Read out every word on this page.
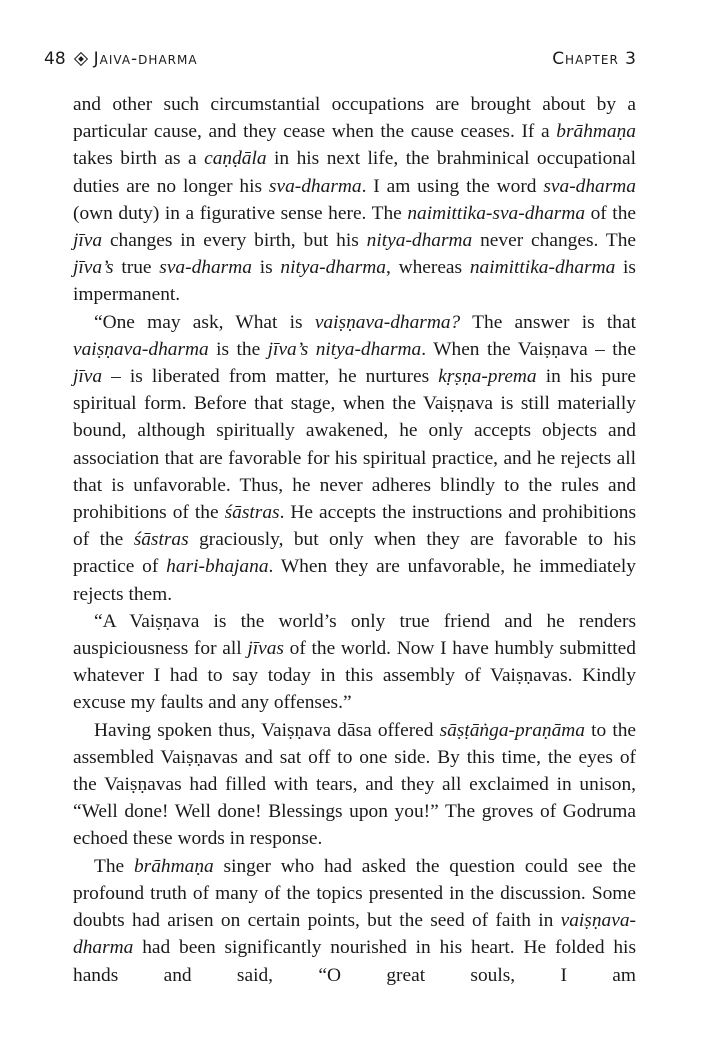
48 Jaiva-dharma	Chapter 3

and other such circumstantial occupations are brought about by a particular cause, and they cease when the cause ceases. If a brāhmaṇa takes birth as a caṇḍāla in his next life, the brahminical occupational duties are no longer his sva-dharma. I am using the word sva-dharma (own duty) in a figurative sense here. The naimittika-sva-dharma of the jīva changes in every birth, but his nitya-dharma never changes. The jīva’s true sva-dharma is nitya-dharma, whereas naimittika-dharma is impermanent.

“One may ask, What is vaiṣṇava-dharma? The answer is that vaiṣṇava-dharma is the jīva’s nitya-dharma. When the Vaiṣṇava – the jīva – is liberated from matter, he nurtures kṛṣṇa-prema in his pure spiritual form. Before that stage, when the Vaiṣṇava is still materially bound, although spiritually awakened, he only accepts objects and association that are favorable for his spiritual practice, and he rejects all that is unfavorable. Thus, he never adheres blindly to the rules and prohibitions of the śāstras. He accepts the instructions and prohibitions of the śāstras graciously, but only when they are favorable to his practice of hari-bhajana. When they are unfavorable, he immediately rejects them.

“A Vaiṣṇava is the world’s only true friend and he renders auspiciousness for all jīvas of the world. Now I have humbly submitted whatever I had to say today in this assembly of Vaiṣṇavas. Kindly excuse my faults and any offenses.”

Having spoken thus, Vaiṣṇava dāsa offered sāṣṭāṅga-praṇāma to the assembled Vaiṣṇavas and sat off to one side. By this time, the eyes of the Vaiṣṇavas had filled with tears, and they all exclaimed in unison, “Well done! Well done! Blessings upon you!” The groves of Godruma echoed these words in response.

The brāhmaṇa singer who had asked the question could see the profound truth of many of the topics presented in the discussion. Some doubts had arisen on certain points, but the seed of faith in vaiṣṇava-dharma had been significantly nourished in his heart. He folded his hands and said, “O great souls, I am
